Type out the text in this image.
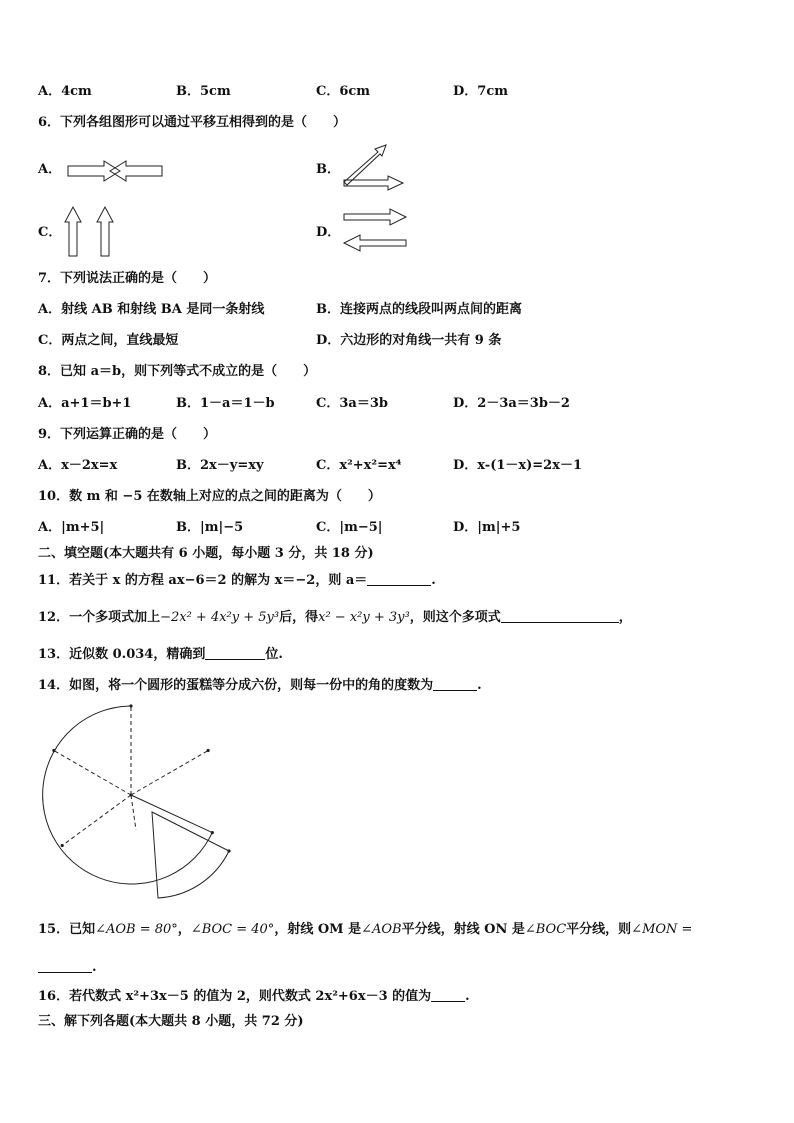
A．4cm	B．5cm	C．6cm	D．7cm
6．下列各组图形可以通过平移互相得到的是（　　）
A．	B．
C．	D．
7．下列说法正确的是（　　）
A．射线 AB 和射线 BA 是同一条射线	B．连接两点的线段叫两点间的距离
C．两点之间，直线最短	D．六边形的对角线一共有 9 条
8．已知 a＝b，则下列等式不成立的是（　　）
A．a+1＝b+1	B．1－a＝1－b	C．3a＝3b	D．2－3a＝3b－2
9．下列运算正确的是（　　）
A．x－2x=x	B．2x－y=xy	C．x²+x²=x⁴	D．x-(1－x)=2x－1
10．数 m 和 −5 在数轴上对应的点之间的距离为（　　）
A．|m+5|	B．|m|−5	C．|m−5|	D．|m|+5
二、填空题(本大题共有 6 小题，每小题 3 分，共 18 分)
11．若关于 x 的方程 ax−6＝2 的解为 x＝−2，则 a＝	.
12．一个多项式加上−2x² + 4x²y + 5y³后，得x² − x²y + 3y³，则这个多项式	，
13．近似数 0.034，精确到	位.
14．如图，将一个圆形的蛋糕等分成六份，则每一份中的角的度数为	.
15．已知∠AOB = 80°，∠BOC = 40°，射线 OM 是∠AOB平分线，射线 ON 是∠BOC平分线，则∠MON =
.
16．若代数式 x²+3x－5 的值为 2，则代数式 2x²+6x－3 的值为	.
三、解下列各题(本大题共 8 小题，共 72 分)
